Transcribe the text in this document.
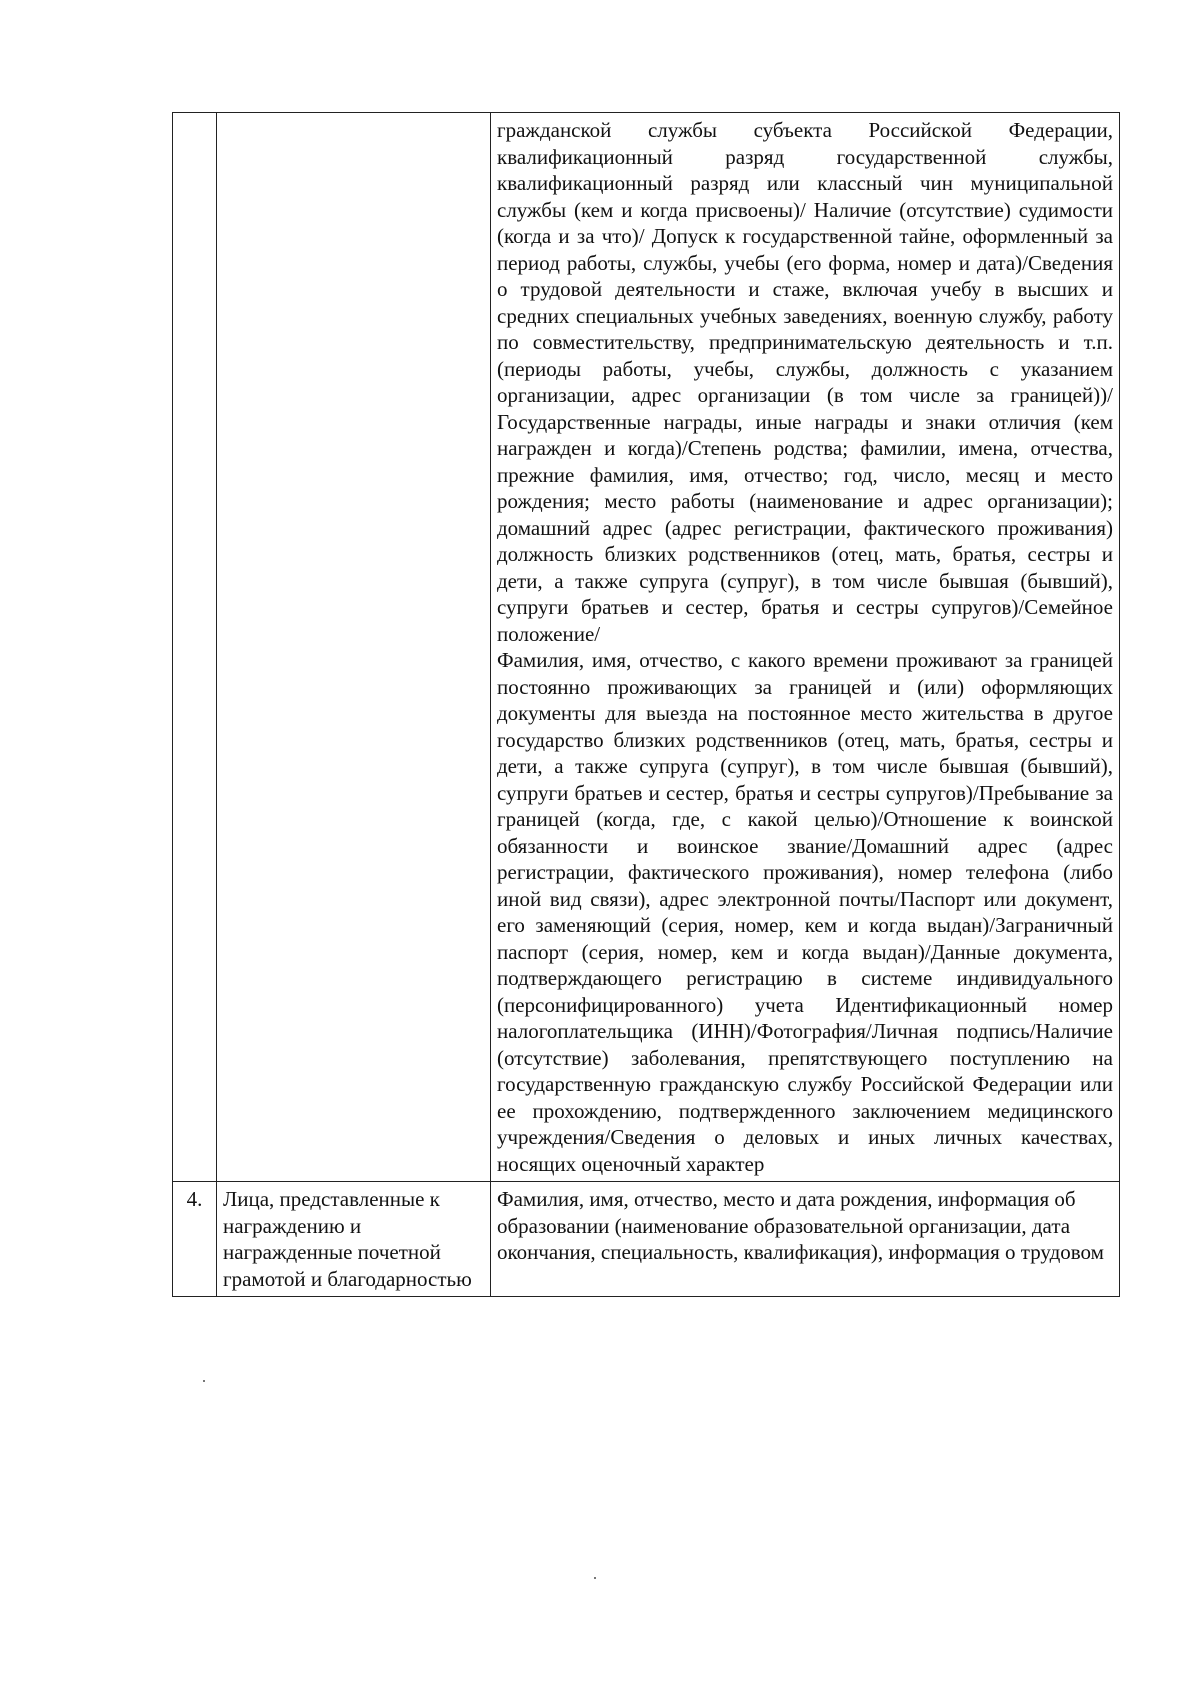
		гражданской службы субъекта Российской Федерации, квалификационный разряд государственной службы, квалификационный разряд или классный чин муниципальной службы (кем и когда присвоены)/ Наличие (отсутствие) судимости (когда и за что)/ Допуск к государственной тайне, оформленный за период работы, службы, учебы (его форма, номер и дата)/Сведения о трудовой деятельности и стаже, включая учебу в высших и средних специальных учебных заведениях, военную службу, работу по совместительству, предпринимательскую деятельность и т.п. (периоды работы, учебы, службы, должность с указанием организации, адрес организации (в том числе за границей))/Государственные награды, иные награды и знаки отличия (кем награжден и когда)/Степень родства; фамилии, имена, отчества, прежние фамилия, имя, отчество; год, число, месяц и место рождения; место работы (наименование и адрес организации); домашний адрес (адрес регистрации, фактического проживания) должность близких родственников (отец, мать, братья, сестры и дети, а также супруга (супруг), в том числе бывшая (бывший), супруги братьев и сестер, братья и сестры супругов)/Семейное положение/
Фамилия, имя, отчество, с какого времени проживают за границей постоянно проживающих за границей и (или) оформляющих документы для выезда на постоянное место жительства в другое государство близких родственников (отец, мать, братья, сестры и дети, а также супруга (супруг), в том числе бывшая (бывший), супруги братьев и сестер, братья и сестры супругов)/Пребывание за границей (когда, где, с какой целью)/Отношение к воинской обязанности и воинское звание/Домашний адрес (адрес регистрации, фактического проживания), номер телефона (либо иной вид связи), адрес электронной почты/Паспорт или документ, его заменяющий (серия, номер, кем и когда выдан)/Заграничный паспорт (серия, номер, кем и когда выдан)/Данные документа, подтверждающего регистрацию в системе индивидуального (персонифицированного) учета Идентификационный номер налогоплательщика (ИНН)/Фотография/Личная подпись/Наличие (отсутствие) заболевания, препятствующего поступлению на государственную гражданскую службу Российской Федерации или ее прохождению, подтвержденного заключением медицинского учреждения/Сведения о деловых и иных личных качествах, носящих оценочный характер

4.	Лица, представленные к награждению и награжденные почетной грамотой и благодарностью	Фамилия, имя, отчество, место и дата рождения, информация об образовании (наименование образовательной организации, дата окончания, специальность, квалификация), информация о трудовом
